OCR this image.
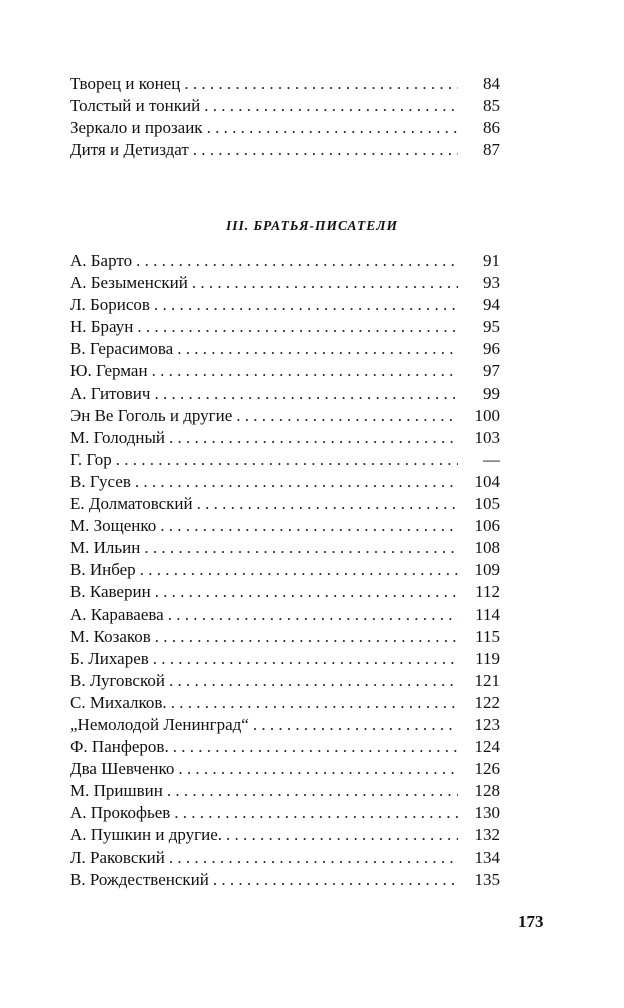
Творец и конец . . .	84
Толстый и тонкий . . .	85
Зеркало и прозаик . . .	86
Дитя и Детиздат . . .	87
III. БРАТЬЯ-ПИСАТЕЛИ
А. Барто . . .	91
А. Безыменский . . .	93
Л. Борисов . . .	94
Н. Браун . . .	95
В. Герасимова . . .	96
Ю. Герман . . .	97
А. Гитович . . .	99
Эн Ве Гоголь и другие . . .	100
М. Голодный . . .	103
Г. Гор . . .	—
В. Гусев . . .	104
Е. Долматовский . . .	105
М. Зощенко . . .	106
М. Ильин . . .	108
В. Инбер . . .	109
В. Каверин . . .	112
А. Караваева . . .	114
М. Козаков . . .	115
Б. Лихарев . . .	119
В. Луговской . . .	121
С. Михалков. . . .	122
„Немолодой Ленинград“ . . .	123
Ф. Панферов. . . .	124
Два Шевченко . . .	126
М. Пришвин . . .	128
А. Прокофьев . . .	130
А. Пушкин и другие. . . .	132
Л. Раковский . . .	134
В. Рождественский . . .	135
173
